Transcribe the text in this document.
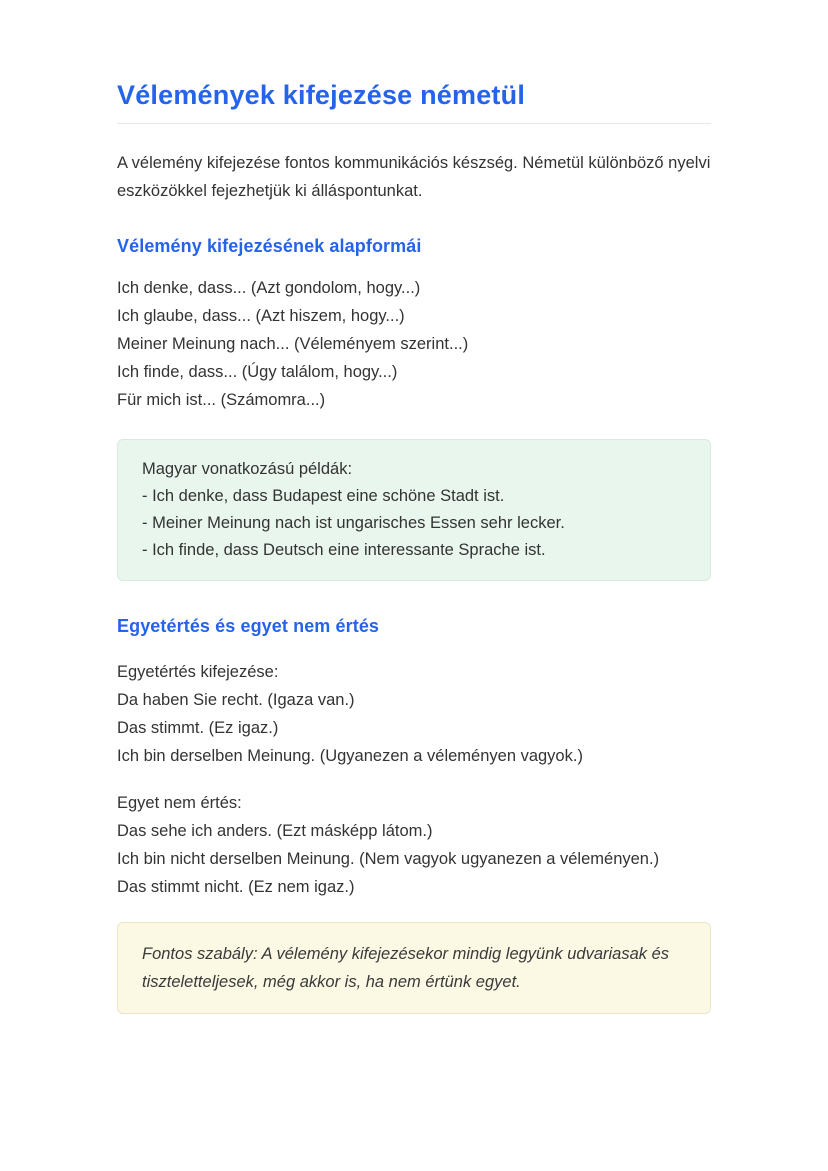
Vélemények kifejezése németül

A vélemény kifejezése fontos kommunikációs készség. Németül különböző nyelvi eszközökkel fejezhetjük ki álláspontunkat.

Vélemény kifejezésének alapformái
Ich denke, dass... (Azt gondolom, hogy...)
Ich glaube, dass... (Azt hiszem, hogy...)
Meiner Meinung nach... (Véleményem szerint...)
Ich finde, dass... (Úgy találom, hogy...)
Für mich ist... (Számomra...)
Magyar vonatkozású példák:
- Ich denke, dass Budapest eine schöne Stadt ist.
- Meiner Meinung nach ist ungarisches Essen sehr lecker.
- Ich finde, dass Deutsch eine interessante Sprache ist.
Egyetértés és egyet nem értés
Egyetértés kifejezése:
Da haben Sie recht. (Igaza van.)
Das stimmt. (Ez igaz.)
Ich bin derselben Meinung. (Ugyanezen a véleményen vagyok.)
Egyet nem értés:
Das sehe ich anders. (Ezt másképp látom.)
Ich bin nicht derselben Meinung. (Nem vagyok ugyanezen a véleményen.)
Das stimmt nicht. (Ez nem igaz.)
Fontos szabály: A vélemény kifejezésekor mindig legyünk udvariasak és tiszteletteljesek, még akkor is, ha nem értünk egyet.
